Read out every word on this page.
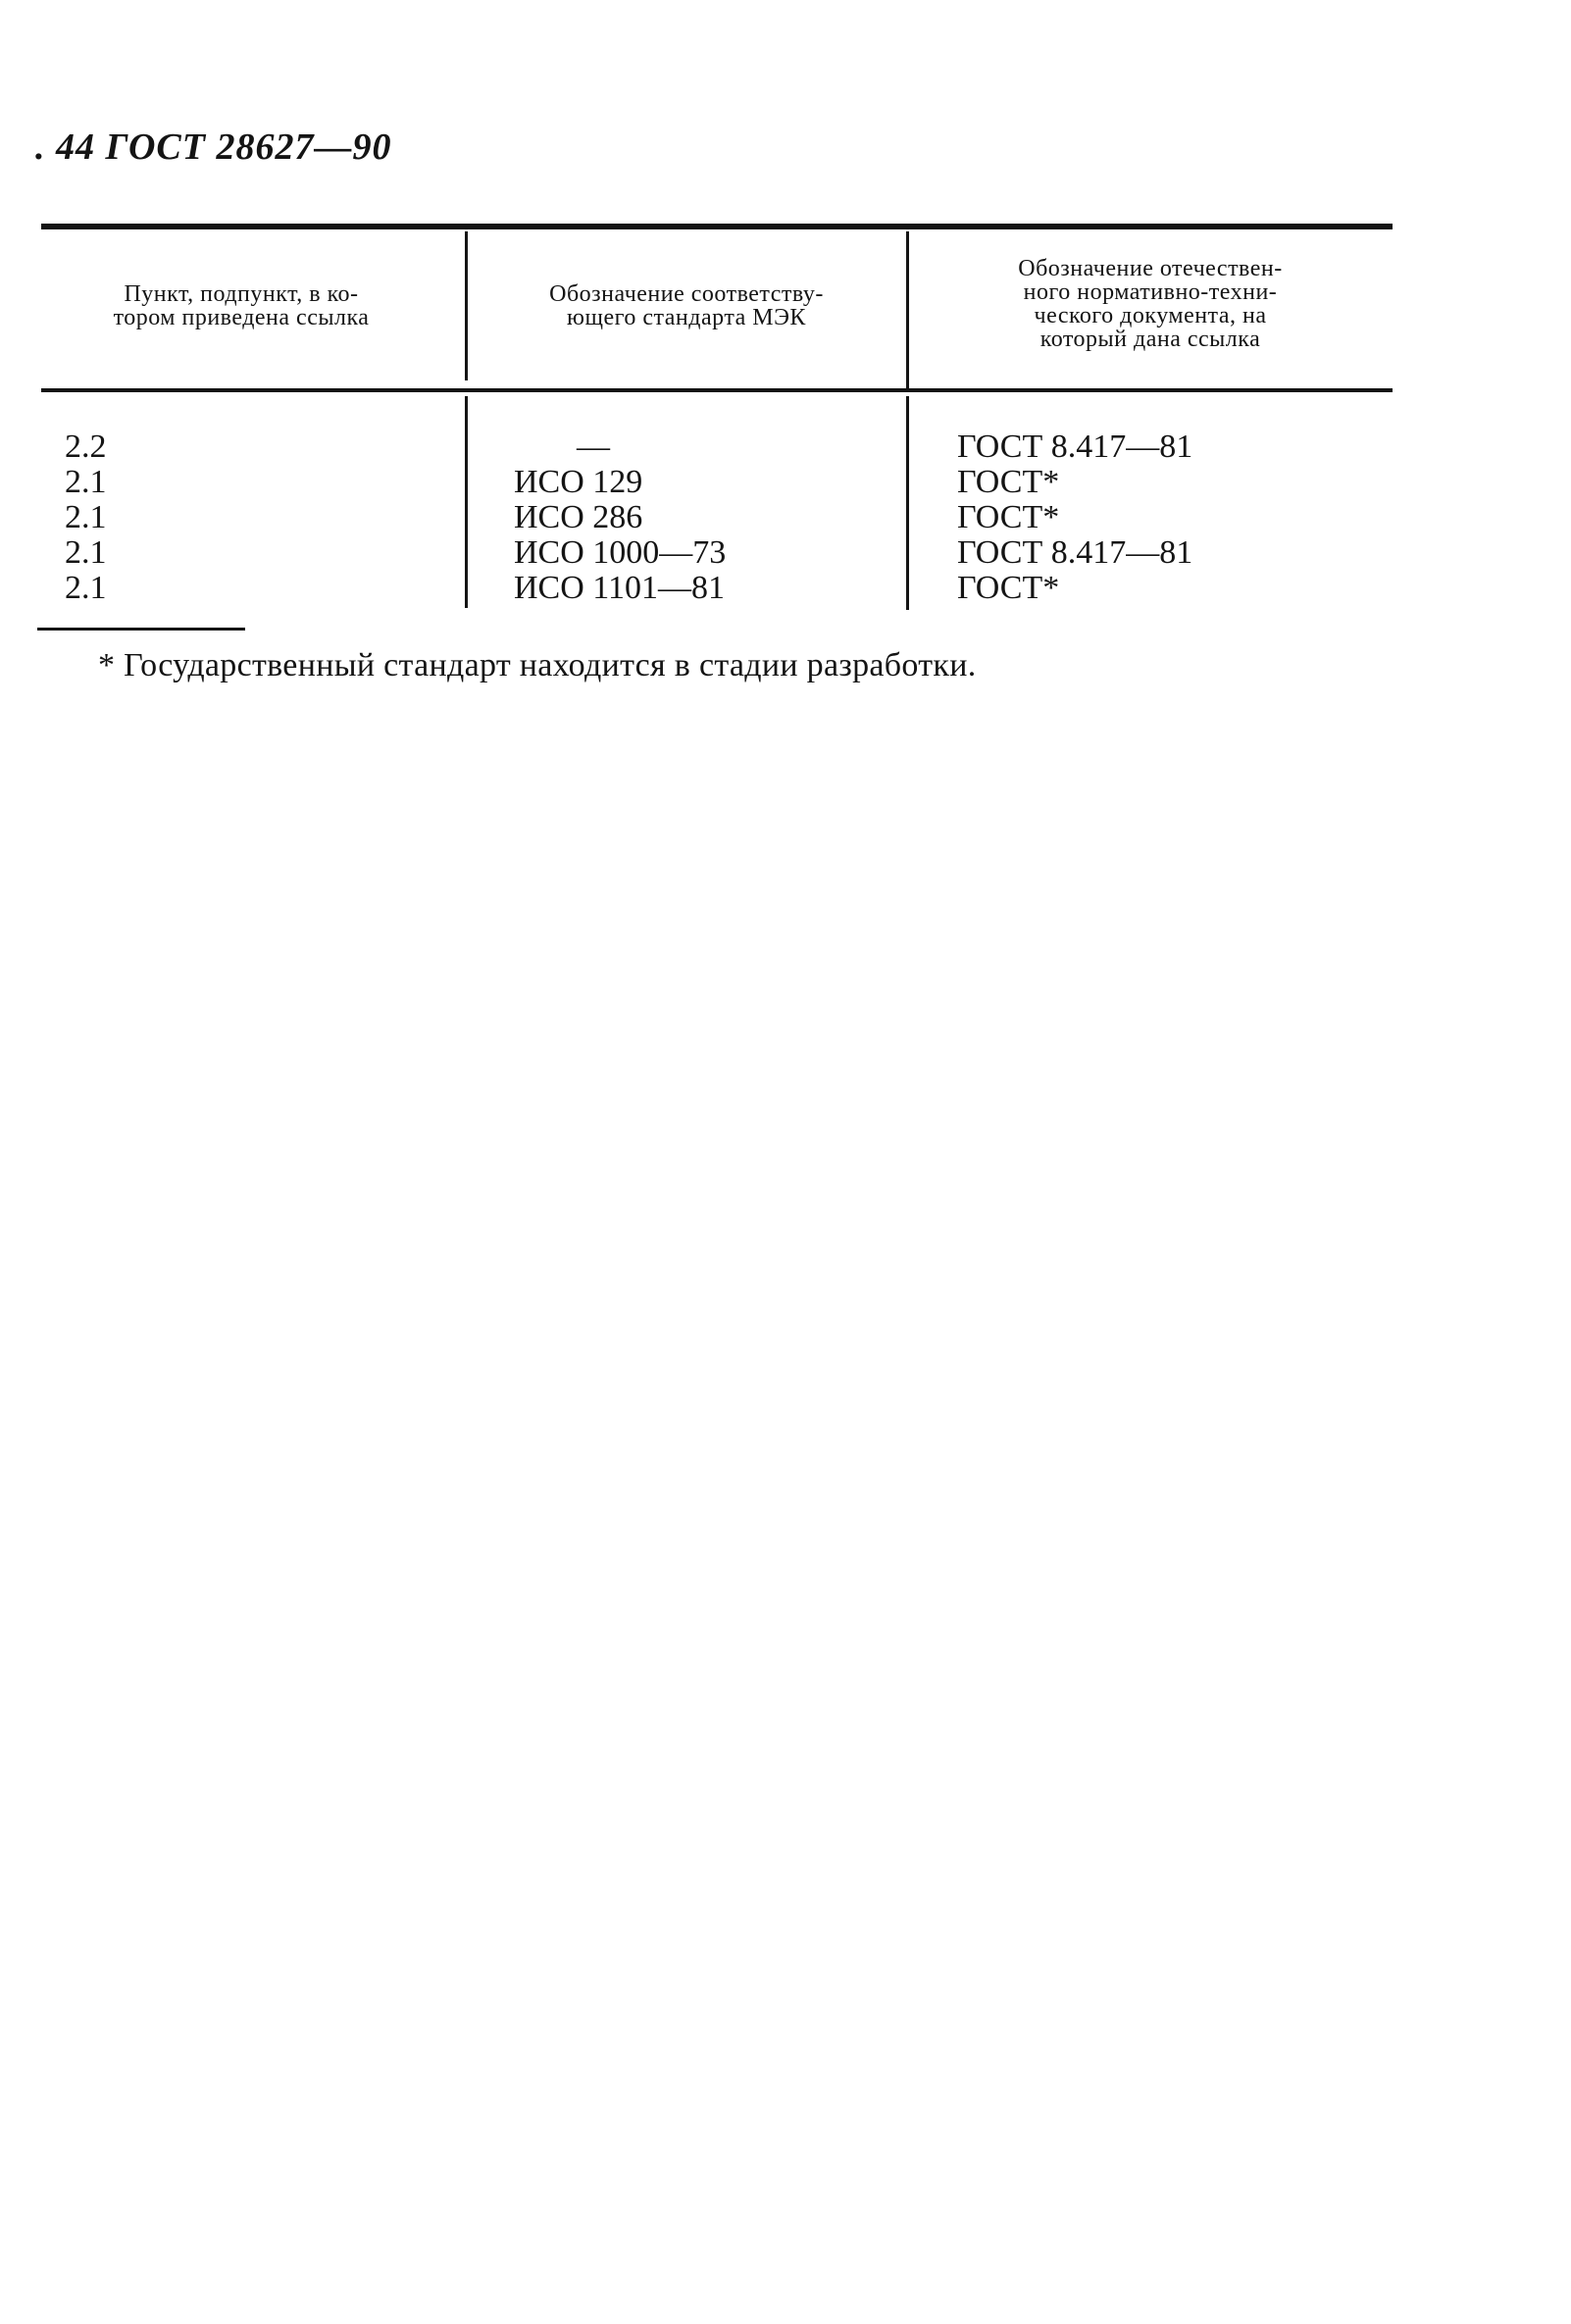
. 44 ГОСТ 28627—90
Пункт, подпункт, в ко-
тором приведена ссылка
Обозначение соответству-
ющего стандарта МЭК
Обозначение отечествен-
ного нормативно-техни-
ческого документа, на
который дана ссылка
2.2
2.1
2.1
2.1
2.1
—
ИСО 129
ИСО 286
ИСО 1000—73
ИСО 1101—81
ГОСТ 8.417—81
ГОСТ*
ГОСТ*
ГОСТ 8.417—81
ГОСТ*
* Государственный стандарт находится в стадии разработки.
